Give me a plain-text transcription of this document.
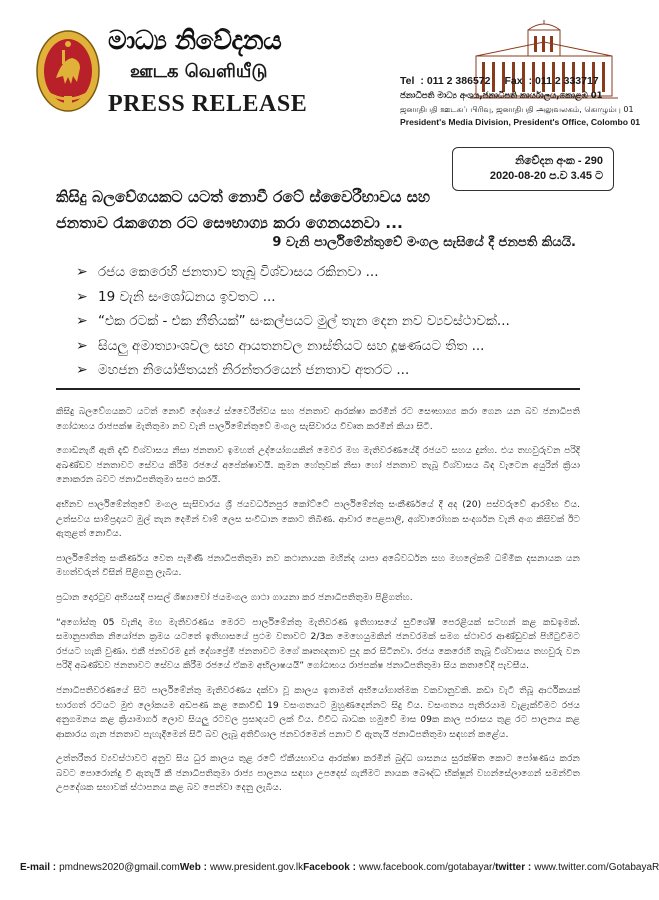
මාධ්‍ය නිවේදනය
ஊடக வெளியீடு
PRESS RELEASE
Tel : 011 2 386572 Fax : 011 2 333717
ජනාධිපති මාධ්‍ය අංශය,ජනාධිපති කාර්යාලය,කොළඹ 01
ஜனாதிபதி ஊடகப் பிரிவு, ஜனாதிபதி அலுவலகம், கொழும்பு 01
President's Media Division, President's Office, Colombo 01
නිවේදන අංක - 290
2020-08-20 ප.ව 3.45 ට
කිසිදු බලවේගයකට යටත් නොවී රටේ ස්වෛරීභාවය සහ
ජනතාව රැකගෙන රට සෞභාග්‍ය කරා ගෙනයනවා ...
9 වැනි පාර්ලිමේන්තුවේ මංගල සැසියේ දී ජනපති කියයි.
➢ රජය කෙරෙහි ජනතාව තැබූ විශ්වාසය රකිනවා ...
➢ 19 වැනි සංශෝධනය ඉවතට ...
➢ “එක රටක් - එක නීතියක්” සංකල්පයට මුල් තැන දෙන නව ව්‍යවස්ථාවක්...
➢ සියලු අමාත්‍යාංශවල සහ ආයතනවල නාස්තියට සහ දූෂණයට තිත ...
➢ මහජන නියෝජිතයන් නිරන්තරයෙන් ජනතාව අතරට ...

කිසිදු බලවේගයකට යටත් නොවී දේශයේ ස්වෛරීත්වය සහ ජනතාව ආරක්ෂා කරමින් රට සෞභාග්‍ය කරා ගෙන යන බව ජනාධිපති ගෝඨාභය රාජපක්ෂ මැතිතුමා නව වැනි පාර්ලිමේන්තුවේ මංගල සැසිවාරය විවෘත කරමින් කියා සිටී.

ගොඩනැගී ඇති දැඩි විශ්වාසය නිසා ජනතාව ඉමහත් උද්යෝගයකින් මෙවර මහ මැතිවරණයේදී රජයට සහය දුන්හ. එය තහවුරුවන පරිදි අඛණ්ඩව ජනතාවට සේවය කිරීම රජයේ අපේක්ෂාවයි. කුමන හේතුවක් නිසා හෝ ජනතාව තැබූ විශ්වාසය බිඳ වැටෙන අයුරින් ක්‍රියා නොකරන බවට ජනාධිපතිතුමා සපථ කරයි.

අභිනව පාර්ලිමේන්තුවේ මංගල සැසිවාරය ශ්‍රී ජයවර්ධනපුර කෝට්ටේ පාර්ලිමේන්තු සංකීර්ණයේ දී අද (20) පස්වරුවේ ආරම්භ විය. උත්සවය සාම්ප්‍රදායට මුල් තැන දෙමින් චාම් ලෙස සංවිධාන කොට තිබිණ. ආචාර පෙළපාලි, අශ්වාරෝහක සංදර්ශන වැනි අංග කිසිවක් ඊට ඇතුළත් නොවීය.

පාර්ලිමේන්තු සංකීර්ණය වෙත පැමිණි ජනාධිපතිතුමා නව කථානායක මහින්ද යාපා අබේවර්ධන සහ මහලේකම් ධම්මික දසනායක යන මහත්වරුන් විසින් පිළිගනු ලැබීය.

ප්‍රධාන දොරටුව අභියසදී පාසල් ශිෂ්‍යාවෝ ජයමංගල ගාථා ගායනා කර ජනාධිපතිතුමා පිළිගත්හ.

“අගෝස්තු 05 වැනිදා මහ මැතිවරණය මෙරට පාර්ලිමේන්තු මැතිවරණ ඉතිහාසයේ සුවිශේෂී පෙරළියක් සටහන් කළ කඩඉමක්. සමානුපාතික නියෝජන ක්‍රමය යටතේ ඉතිහාසයේ ප්‍රථම වතාවට 2/3ක මෙහෙයුමකින් ජනවරමක් සමග ස්ථාවර ආණ්ඩුවක් පිහිටුවීමට රජයට හැකි වුණා. එකී ජනවරම දුන් දේශප්‍රේමී ජනතාවට මගේ කෘතඥතාව පුද කර සිටිනවා. රජය කෙරෙහි තැබූ විශ්වාසය තහවුරු වන පරිදි අඛණ්ඩව ජනතාවට සේවය කිරීම රජයේ ඒකම අභිලාෂයයි” ගෝඨාභය රාජපක්ෂ ජනාධිපතිතුමා සිය කතාවේදී පැවසීය.

ජනාධිපතිවරණයේ සිට පාර්ලිමේන්තු මැතිවරණය දක්වා වූ කාලය ඉතාමත් අභියෝගාත්මක වකවානුවකි. කඩා වැටී තිබූ ආර්ථිකයක් භාරගත් රටයට මුළු ලෝකයම අඩපණ කළ කොවිඩ් 19 වසංගතයට මුහුණදෙන්නට සිදු විය. වසංගතය පැතිරයාම වැළැක්වීමට රජය අනුගමනය කළ ක්‍රියාමාර්ග ලොව සියලු රටවල ප්‍රසාදයට ලක් විය. විවිධ බාධක හමුවේ මාස 09ක කාල පරාසය තුළ රට පාලනය කළ ආකාරය ගැන ජනතාව පැහැදීමෙන් සිටි බව ලැබූ අතිවිශාල ජනවරමෙන් පනාට වී ඇතැයි ජනාධිපතිතුමා සඳහන් කළේය.

උත්තරීතර ව්‍යවස්ථාවට අනුව සිය ධුර කාලය තුළ රටේ ඒකීයභාවය ආරක්ෂා කරමින් බුද්ධ ශාසනය සුරක්ෂිත කොට පෝෂණය කරන බවට පොරොන්දු වී ඇතැයි කී ජනාධිපතිතුමා රාජ්‍ය පාලනය සඳහා උපදෙස් ගැනීමට නායක බෞද්ධ භික්ෂූන් වහන්සේලාගෙන් සමන්විත උපදේශක සභාවක් ස්ථාපනය කළ බව පෙන්වා දෙනු ලැබීය.

E-mail : pmdnews2020@gmail.com Web : www.president.gov.lk Facebook : www.facebook.com/gotabayar/ twitter : www.twitter.com/GotabayaR
